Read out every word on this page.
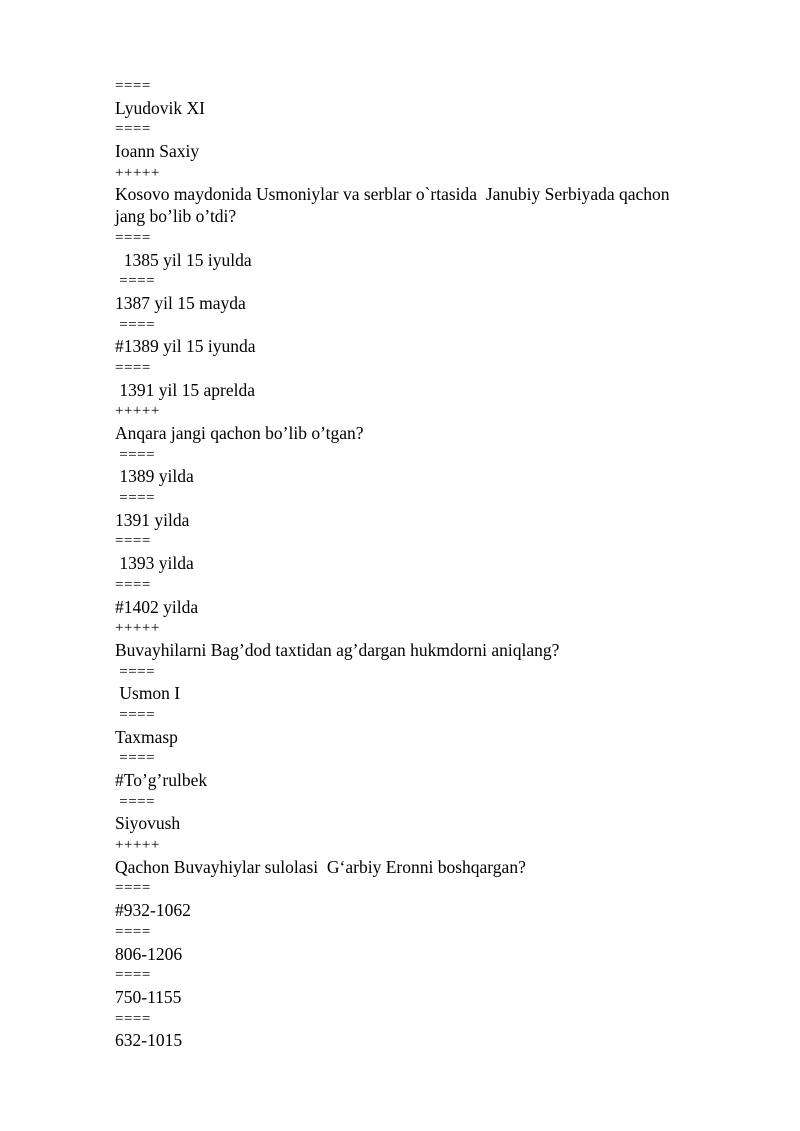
====
Lyudovik XI
====
Ioann Saxiy
+++++
Kosovo maydonida Usmoniylar va serblar o`rtasida  Janubiy Serbiyada qachon
jang bo’lib o’tdi?
====
1385 yil 15 iyulda
====
1387 yil 15 mayda
====
#1389 yil 15 iyunda
====
1391 yil 15 aprelda
+++++
Anqara jangi qachon bo’lib o’tgan?
====
1389 yilda
====
1391 yilda
====
1393 yilda
====
#1402 yilda
+++++
Buvayhilarni Bag’dod taxtidan ag’dargan hukmdorni aniqlang?
====
Usmon I
====
Taxmasp
====
#To’g’rulbek
====
Siyovush
+++++
Qachon Buvayhiylar sulolasi  G‘arbiy Eronni boshqargan?
====
#932-1062
====
806-1206
====
750-1155
====
632-1015
